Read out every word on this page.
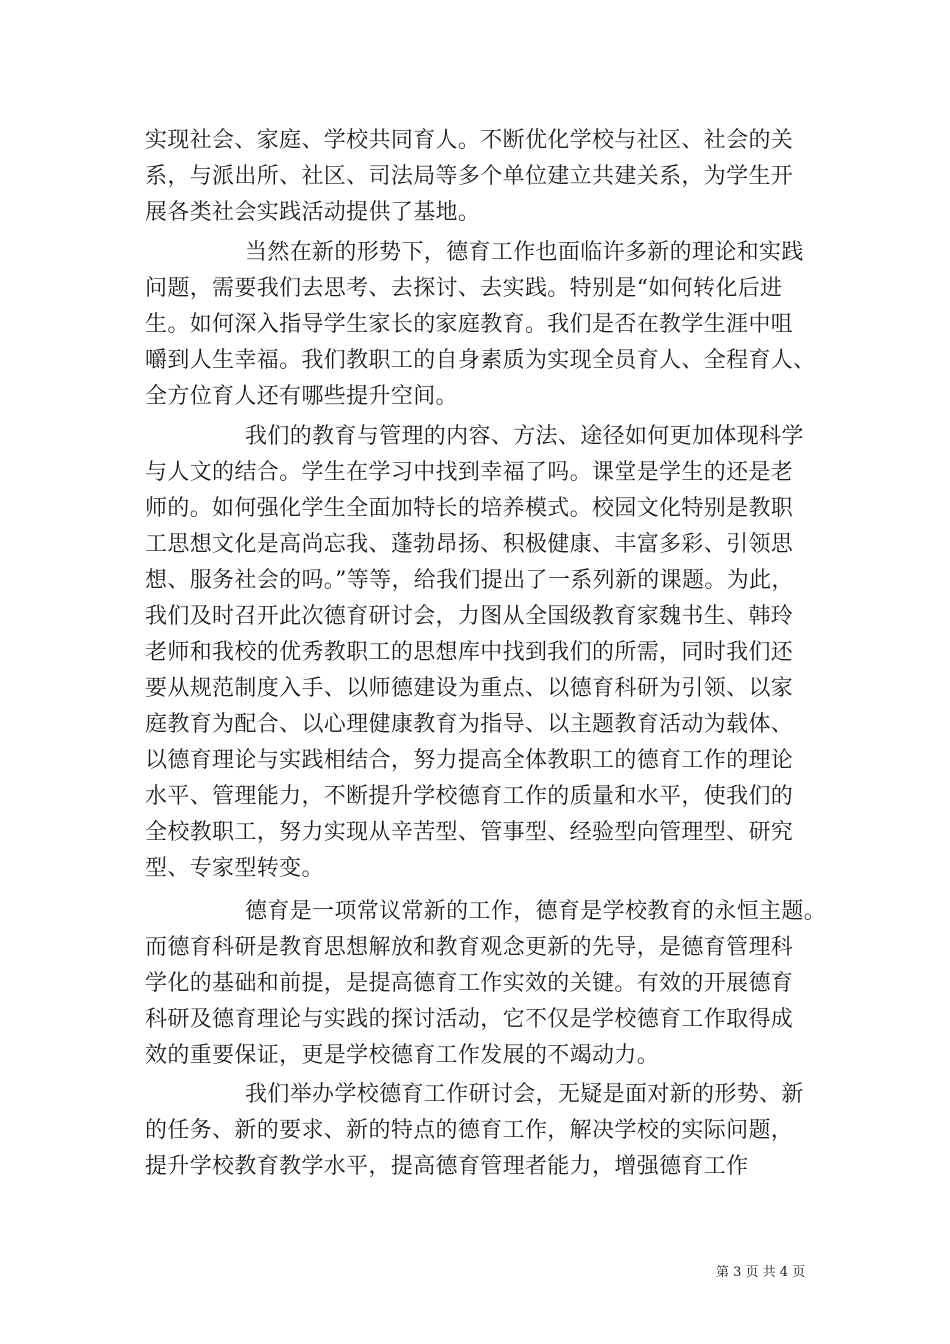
实现社会、家庭、学校共同育人。不断优化学校与社区、社会的关
系，与派出所、社区、司法局等多个单位建立共建关系，为学生开
展各类社会实践活动提供了基地。
当然在新的形势下，德育工作也面临许多新的理论和实践
问题，需要我们去思考、去探讨、去实践。特别是“如何转化后进
生。如何深入指导学生家长的家庭教育。我们是否在教学生涯中咀
嚼到人生幸福。我们教职工的自身素质为实现全员育人、全程育人、
全方位育人还有哪些提升空间。
我们的教育与管理的内容、方法、途径如何更加体现科学
与人文的结合。学生在学习中找到幸福了吗。课堂是学生的还是老
师的。如何强化学生全面加特长的培养模式。校园文化特别是教职
工思想文化是高尚忘我、蓬勃昂扬、积极健康、丰富多彩、引领思
想、服务社会的吗。”等等，给我们提出了一系列新的课题。为此，
我们及时召开此次德育研讨会，力图从全国级教育家魏书生、韩玲
老师和我校的优秀教职工的思想库中找到我们的所需，同时我们还
要从规范制度入手、以师德建设为重点、以德育科研为引领、以家
庭教育为配合、以心理健康教育为指导、以主题教育活动为载体、
以德育理论与实践相结合，努力提高全体教职工的德育工作的理论
水平、管理能力，不断提升学校德育工作的质量和水平，使我们的
全校教职工，努力实现从辛苦型、管事型、经验型向管理型、研究
型、专家型转变。
德育是一项常议常新的工作，德育是学校教育的永恒主题。
而德育科研是教育思想解放和教育观念更新的先导，是德育管理科
学化的基础和前提，是提高德育工作实效的关键。有效的开展德育
科研及德育理论与实践的探讨活动，它不仅是学校德育工作取得成
效的重要保证，更是学校德育工作发展的不竭动力。
我们举办学校德育工作研讨会，无疑是面对新的形势、新
的任务、新的要求、新的特点的德育工作，解决学校的实际问题，
提升学校教育教学水平，提高德育管理者能力，增强德育工作
第 3 页 共 4 页
